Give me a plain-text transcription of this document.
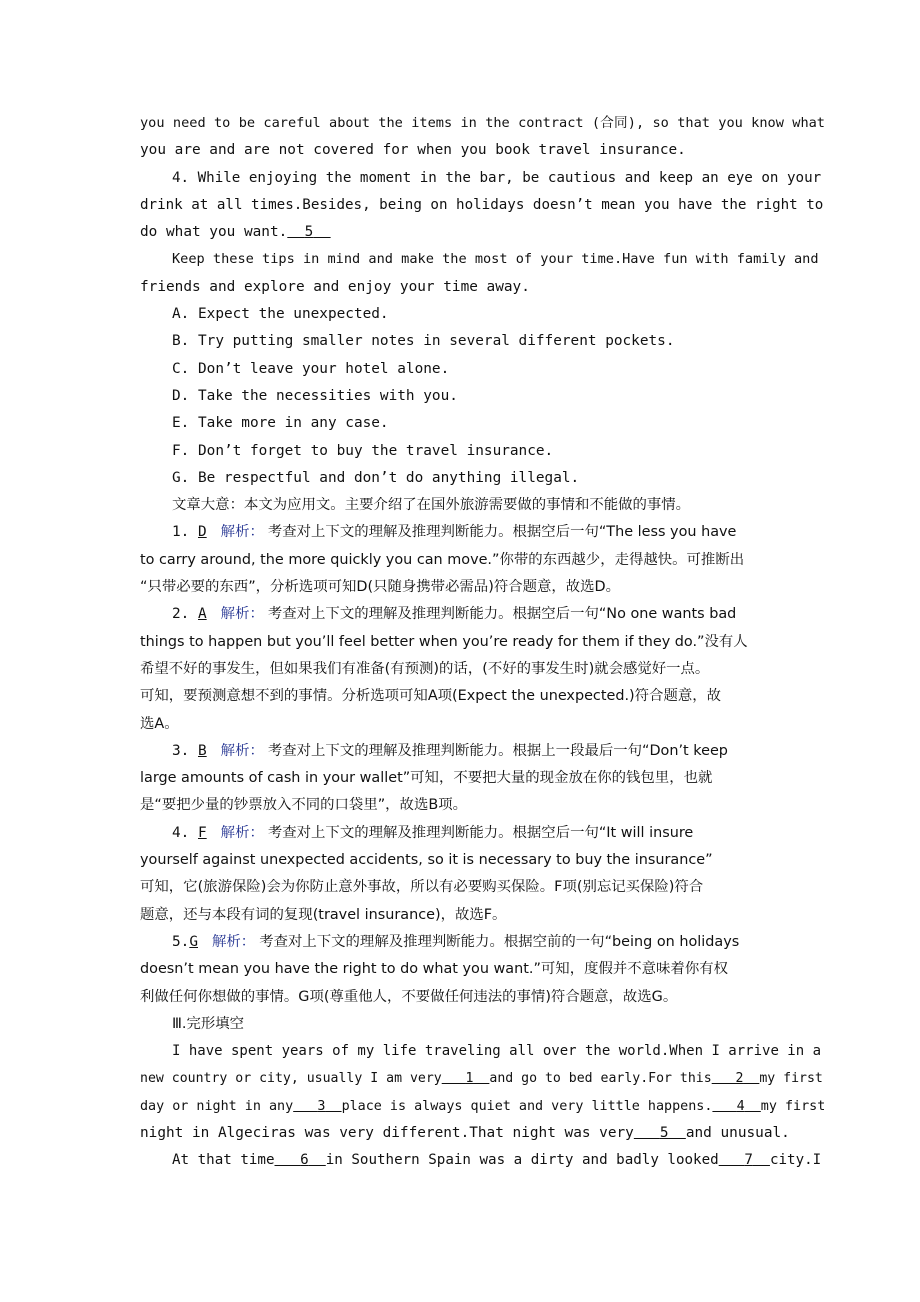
you need to be careful about the items in the contract (合同), so that you know what
you are and are not covered for when you book travel insurance.
4. While enjoying the moment in the bar, be cautious and keep an eye on your
drink at all times.Besides, being on holidays doesn’t mean you have the right to
do what you want. 5
Keep these tips in mind and make the most of your time.Have fun with family and
friends and explore and enjoy your time away.
A. Expect the unexpected.
B. Try putting smaller notes in several different pockets.
C. Don’t leave your hotel alone.
D. Take the necessities with you.
E. Take more in any case.
F. Don’t forget to buy the travel insurance.
G. Be respectful and don’t do anything illegal.
文章大意：本文为应用文。主要介绍了在国外旅游需要做的事情和不能做的事情。
1. D 解析： 考查对上下文的理解及推理判断能力。根据空后一句“The less you have
to carry around, the more quickly you can move.”你带的东西越少，走得越快。可推断出
“只带必要的东西”，分析选项可知D(只随身携带必需品)符合题意，故选D。
2. A 解析： 考查对上下文的理解及推理判断能力。根据空后一句“No one wants bad
things to happen but you’ll feel better when you’re ready for them if they do.”没有人
希望不好的事发生，但如果我们有准备(有预测)的话，(不好的事发生时)就会感觉好一点。
可知，要预测意想不到的事情。分析选项可知A项(Expect the unexpected.)符合题意，故
选A。
3. B 解析： 考查对上下文的理解及推理判断能力。根据上一段最后一句“Don’t keep
large amounts of cash in your wallet”可知，不要把大量的现金放在你的钱包里，也就
是“要把少量的钞票放入不同的口袋里”，故选B项。
4. F 解析： 考查对上下文的理解及推理判断能力。根据空后一句“It will insure
yourself against unexpected accidents, so it is necessary to buy the insurance”
可知，它(旅游保险)会为你防止意外事故，所以有必要购买保险。F项(别忘记买保险)符合
题意，还与本段有词的复现(travel insurance)，故选F。
5.G 解析： 考查对上下文的理解及推理判断能力。根据空前的一句“being on holidays
doesn’t mean you have the right to do what you want.”可知，度假并不意味着你有权
利做任何你想做的事情。G项(尊重他人，不要做任何违法的事情)符合题意，故选G。
Ⅲ.完形填空
I have spent years of my life traveling all over the world.When I arrive in a
new country or city, usually I am very 1 and go to bed early.For this 2 my first
day or night in any 3 place is always quiet and very little happens. 4 my first
night in Algeciras was very different.That night was very 5 and unusual.
At that time 6 in Southern Spain was a dirty and badly looked 7 city.I
